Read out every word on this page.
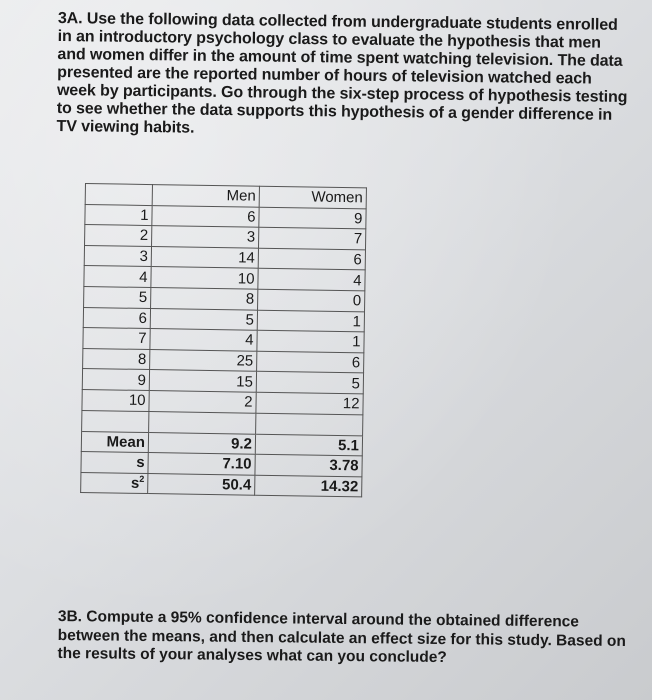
3A. Use the following data collected from undergraduate students enrolled in an introductory psychology class to evaluate the hypothesis that men and women differ in the amount of time spent watching television. The data presented are the reported number of hours of television watched each week by participants. Go through the six-step process of hypothesis testing to see whether the data supports this hypothesis of a gender difference in TV viewing habits.
	Men	Women
1	6	9
2	3	7
3	14	6
4	10	4
5	8	0
6	5	1
7	4	1
8	25	6
9	15	5
10	2	12

Mean	9.2	5.1
s	7.10	3.78
$s^2$	50.4	14.32
3B. Compute a 95% confidence interval around the obtained difference between the means, and then calculate an effect size for this study. Based on the results of your analyses what can you conclude?
